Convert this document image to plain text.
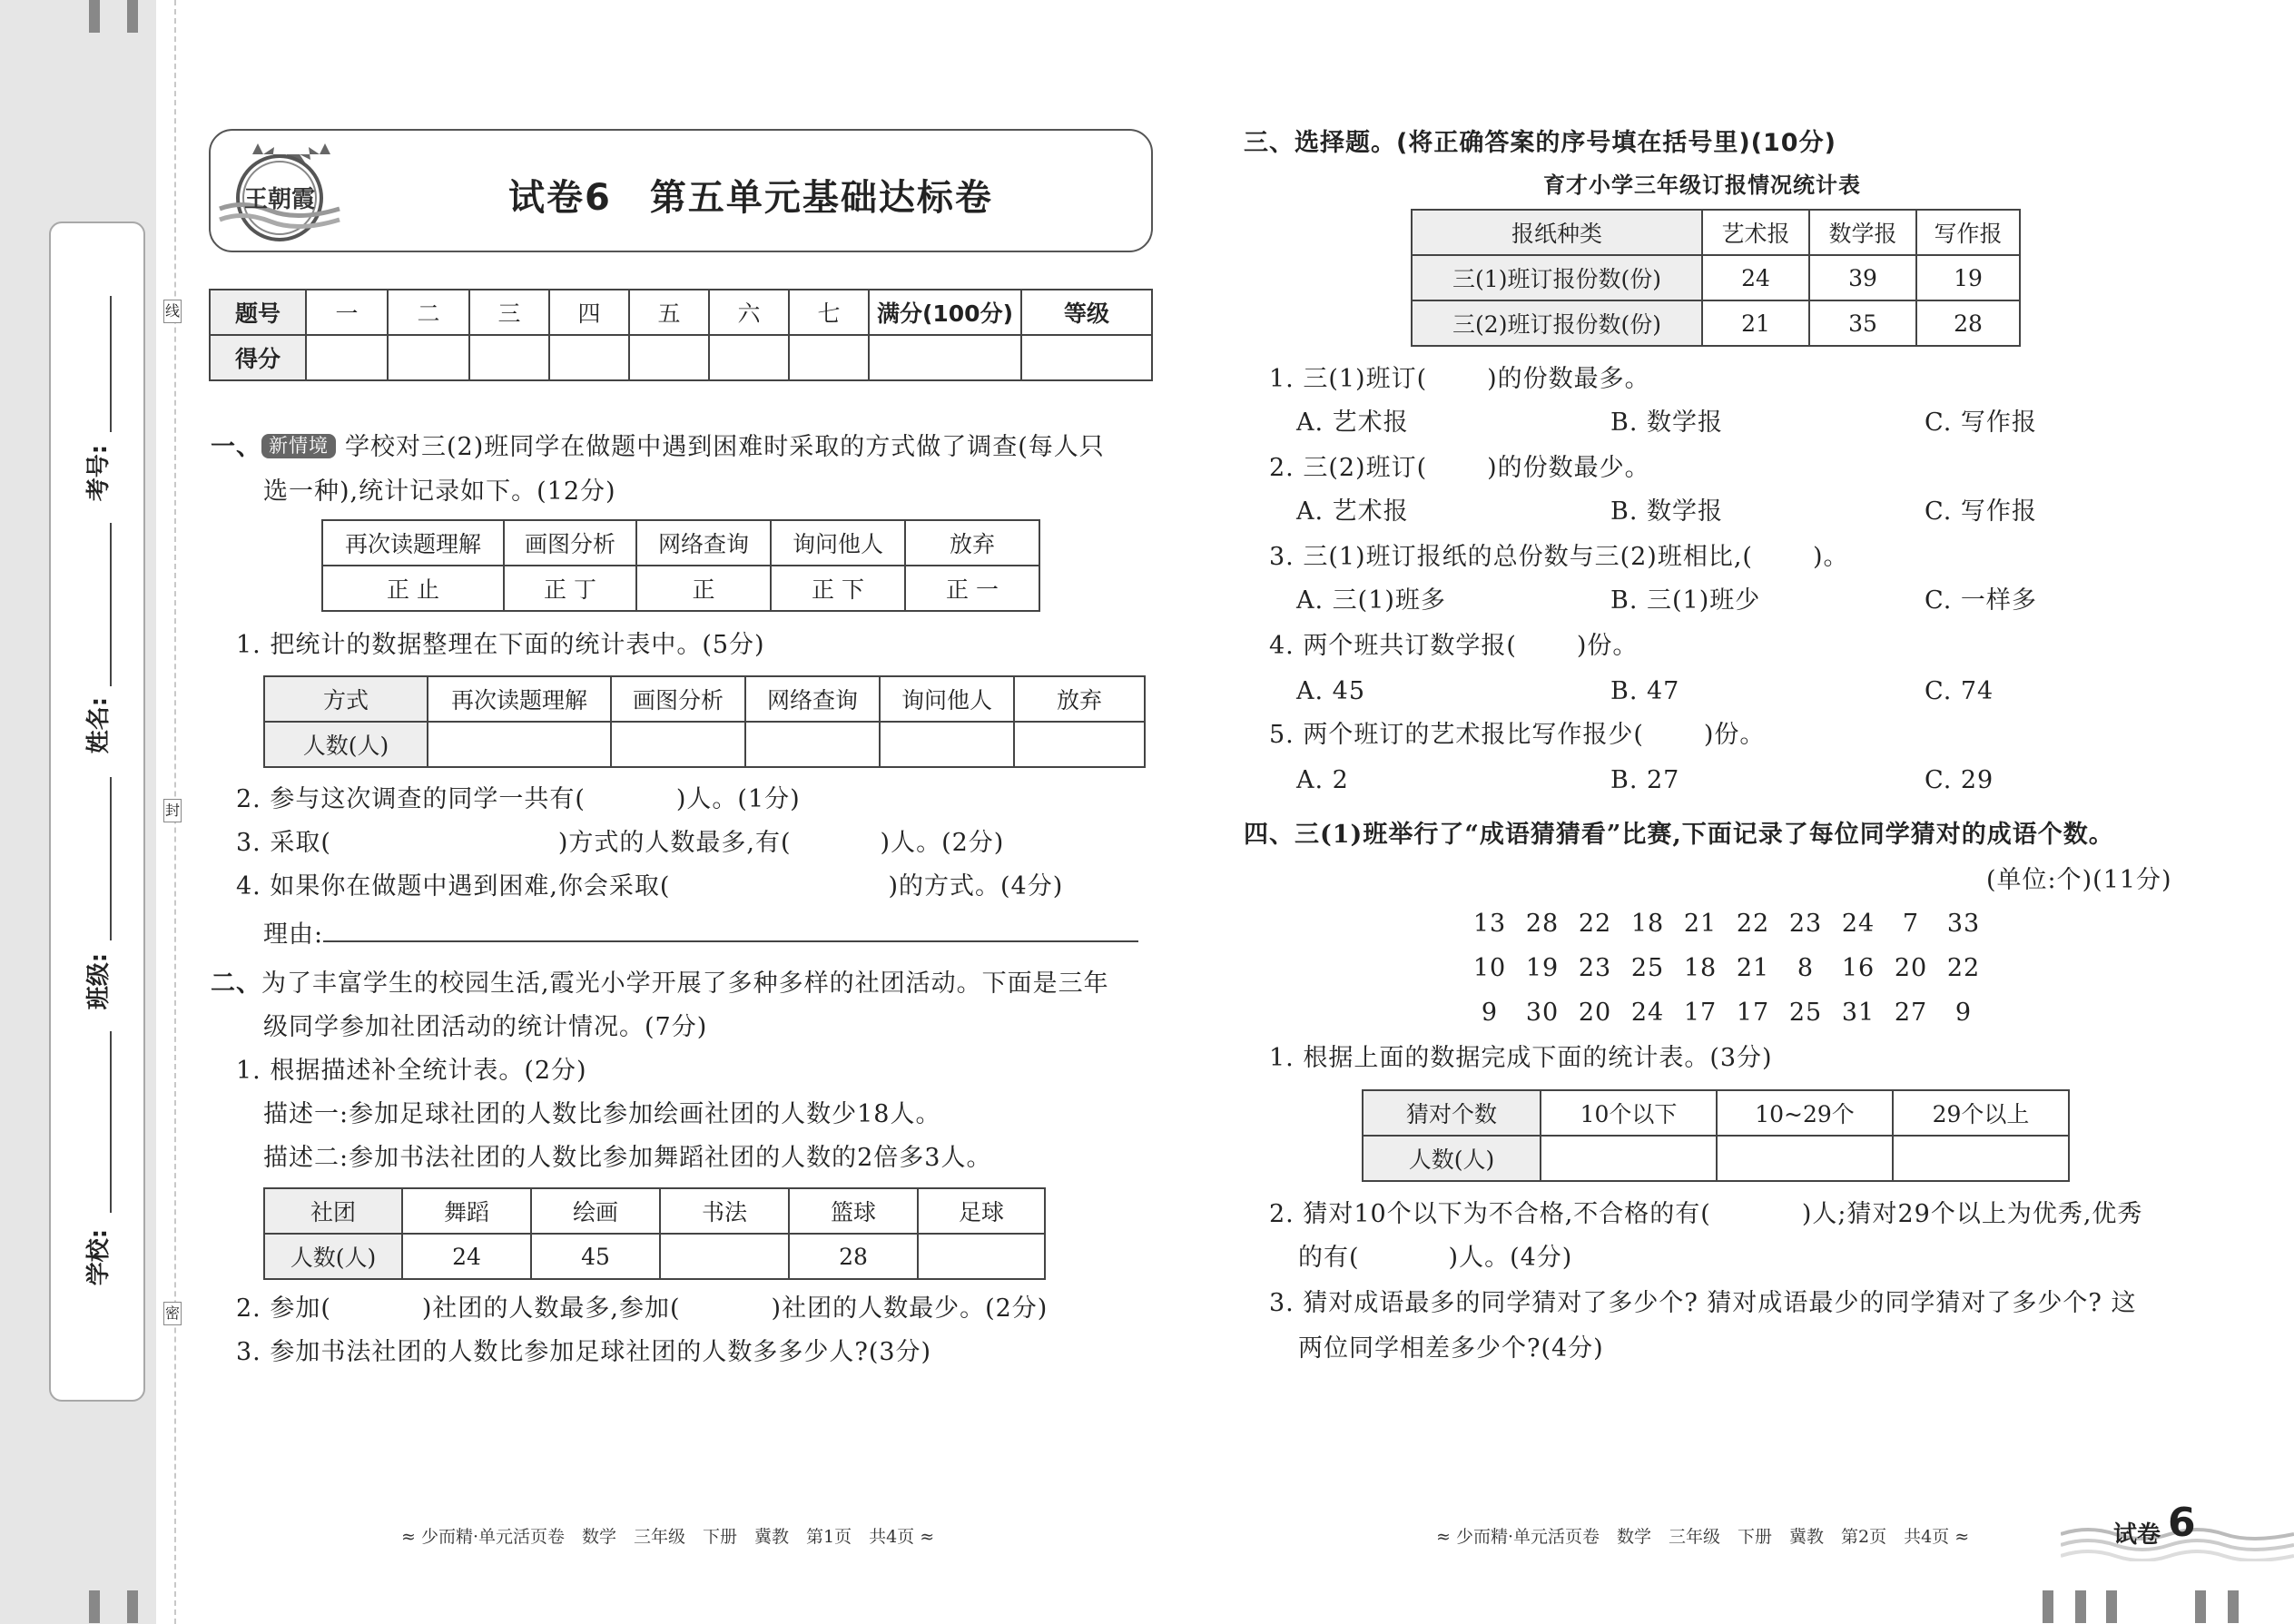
考号:
姓名:
班级:
学校:
线
封
密
王朝霞	试卷6　第五单元基础达标卷
题号	一	二	三	四	五	六	七	满分(100分)	等级
得分									
一、 新情境 学校对三(2)班同学在做题中遇到困难时采取的方式做了调查(每人只
选一种),统计记录如下。(12分)
再次读题理解	画图分析	网络查询	询问他人	放弃
正 止	正 丁	正	正 下	正 一
1. 把统计的数据整理在下面的统计表中。(5分)
方式	再次读题理解	画图分析	网络查询	询问他人	放弃
人数(人)					
2. 参与这次调查的同学一共有(	)人。(1分)
3. 采取(	)方式的人数最多,有(	)人。(2分)
4. 如果你在做题中遇到困难,你会采取(	)的方式。(4分)
理由:
二、为了丰富学生的校园生活,霞光小学开展了多种多样的社团活动。下面是三年
级同学参加社团活动的统计情况。(7分)
1. 根据描述补全统计表。(2分)
描述一:参加足球社团的人数比参加绘画社团的人数少18人。
描述二:参加书法社团的人数比参加舞蹈社团的人数的2倍多3人。
社团	舞蹈	绘画	书法	篮球	足球
人数(人)	24	45		28	
2. 参加(	)社团的人数最多,参加(	)社团的人数最少。(2分)
3. 参加书法社团的人数比参加足球社团的人数多多少人?(3分)
三、选择题。(将正确答案的序号填在括号里)(10分)
育才小学三年级订报情况统计表
报纸种类	艺术报	数学报	写作报
三(1)班订报份数(份)	24	39	19
三(2)班订报份数(份)	21	35	28
1. 三(1)班订( )的份数最多。
A. 艺术报	B. 数学报	C. 写作报
2. 三(2)班订( )的份数最少。
A. 艺术报	B. 数学报	C. 写作报
3. 三(1)班订报纸的总份数与三(2)班相比,( )。
A. 三(1)班多	B. 三(1)班少	C. 一样多
4. 两个班共订数学报( )份。
A. 45	B. 47	C. 74
5. 两个班订的艺术报比写作报少( )份。
A. 2	B. 27	C. 29
四、三(1)班举行了“成语猜猜看”比赛,下面记录了每位同学猜对的成语个数。
(单位:个)(11分)
13 28 22 18 21 22 23 24 7 33
10 19 23 25 18 21 8 16 20 22
9 30 20 24 17 17 25 31 27 9
1. 根据上面的数据完成下面的统计表。(3分)
猜对个数	10个以下	10~29个	29个以上
人数(人)			
2. 猜对10个以下为不合格,不合格的有(	)人;猜对29个以上为优秀,优秀
的有(	)人。(4分)
3. 猜对成语最多的同学猜对了多少个? 猜对成语最少的同学猜对了多少个? 这
两位同学相差多少个?(4分)
≈ 少而精·单元活页卷　数学　三年级　下册　冀教　第1页　共4页 ≈	≈ 少而精·单元活页卷　数学　三年级　下册　冀教　第2页　共4页 ≈	试卷 6
